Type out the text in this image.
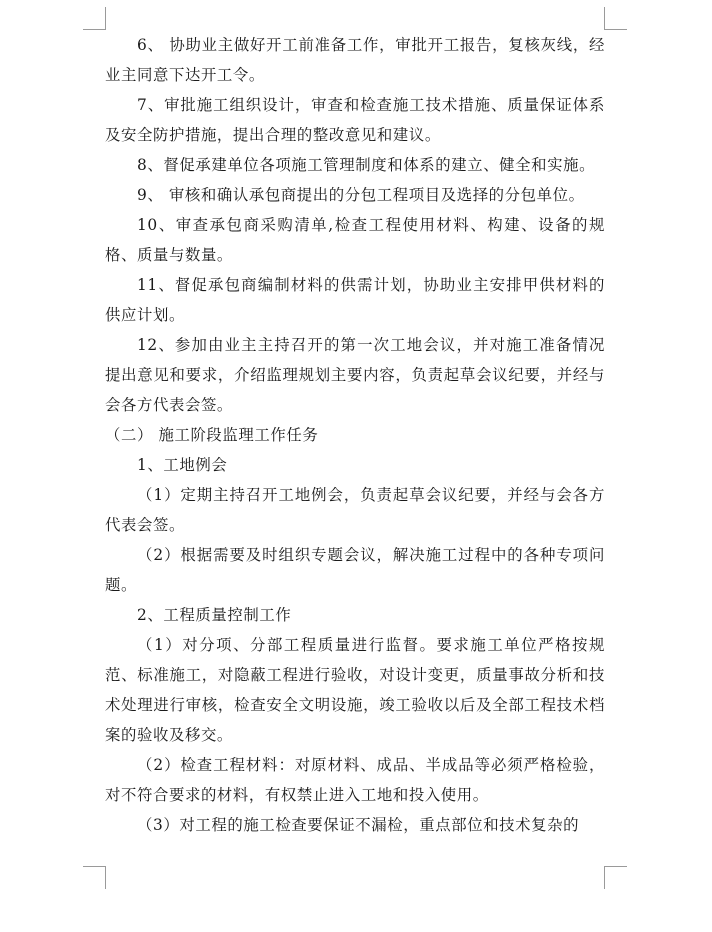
6、 协助业主做好开工前准备工作，审批开工报告，复核灰线，经业主同意下达开工令。

7、审批施工组织设计，审查和检查施工技术措施、质量保证体系及安全防护措施，提出合理的整改意见和建议。

8、督促承建单位各项施工管理制度和体系的建立、健全和实施。

9、 审核和确认承包商提出的分包工程项目及选择的分包单位。

10、审查承包商采购清单,检查工程使用材料、构建、设备的规格、质量与数量。

11、督促承包商编制材料的供需计划，协助业主安排甲供材料的供应计划。

12、参加由业主主持召开的第一次工地会议，并对施工准备情况提出意见和要求，介绍监理规划主要内容，负责起草会议纪要，并经与会各方代表会签。

（二） 施工阶段监理工作任务

1、工地例会

（1）定期主持召开工地例会，负责起草会议纪要，并经与会各方代表会签。

（2）根据需要及时组织专题会议，解决施工过程中的各种专项问题。

2、工程质量控制工作

（1）对分项、分部工程质量进行监督。要求施工单位严格按规范、标准施工，对隐蔽工程进行验收，对设计变更，质量事故分析和技术处理进行审核，检查安全文明设施，竣工验收以后及全部工程技术档案的验收及移交。

（2）检查工程材料：对原材料、成品、半成品等必须严格检验，对不符合要求的材料，有权禁止进入工地和投入使用。

（3）对工程的施工检查要保证不漏检，重点部位和技术复杂的
